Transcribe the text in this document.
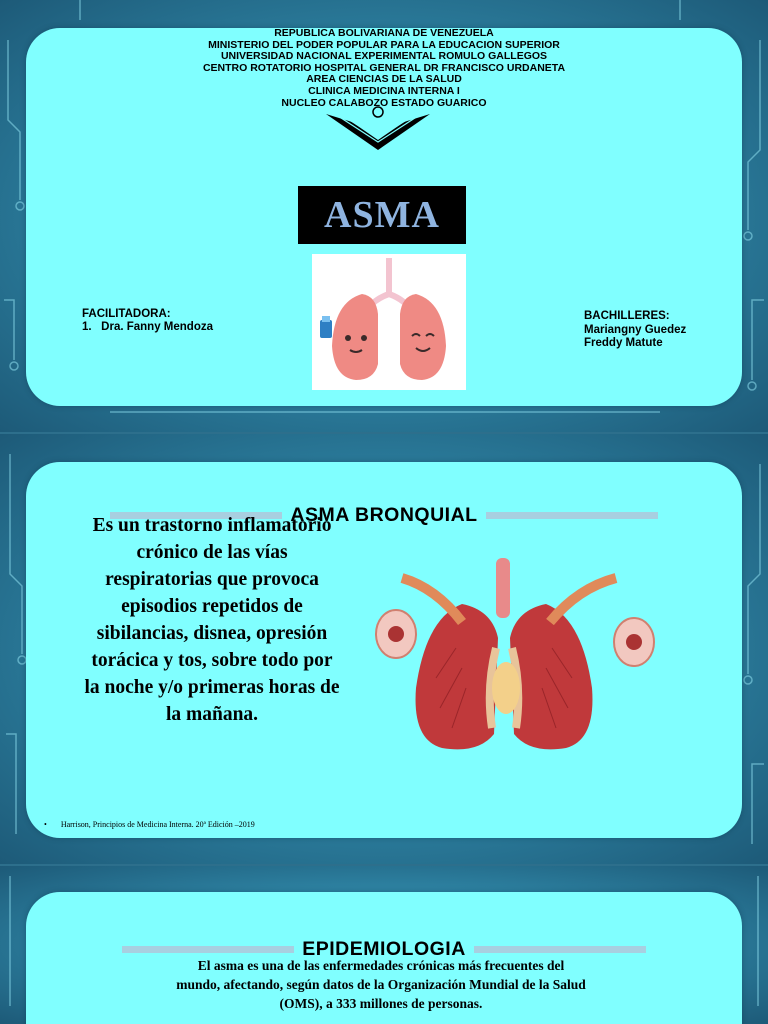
REPUBLICA BOLIVARIANA DE VENEZUELA
MINISTERIO DEL PODER POPULAR PARA LA EDUCACION SUPERIOR
UNIVERSIDAD NACIONAL EXPERIMENTAL ROMULO GALLEGOS
CENTRO ROTATORIO HOSPITAL GENERAL DR FRANCISCO URDANETA
AREA CIENCIAS DE LA SALUD
CLINICA MEDICINA INTERNA I
NUCLEO CALABOZO ESTADO GUARICO
ASMA
FACILITADORA:
1.   Dra. Fanny Mendoza
BACHILLERES:
Mariangny Guedez
Freddy Matute
ASMA BRONQUIAL
Es un trastorno inflamatorio crónico de las vías respiratorias que provoca episodios repetidos de sibilancias, disnea, opresión torácica y tos, sobre todo por la noche y/o primeras horas de la mañana.
• Harrison, Principios de Medicina Interna. 20ª Edición –2019
EPIDEMIOLOGIA
El asma es una de las enfermedades crónicas más frecuentes del mundo, afectando, según datos de la Organización Mundial de la Salud (OMS), a 333 millones de personas.
